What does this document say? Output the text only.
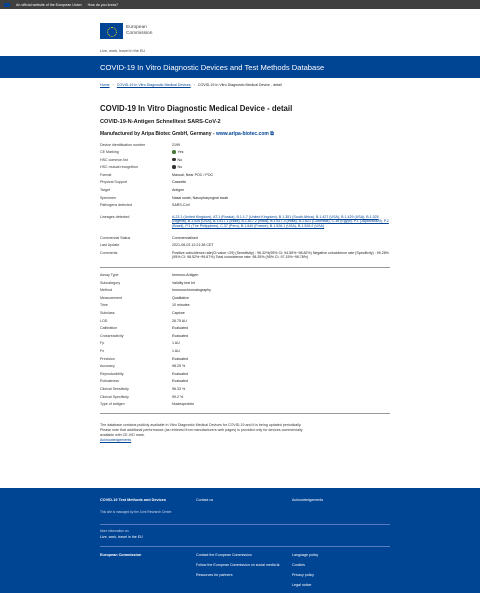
An official website of the European Union How do you know?
European
Commission
Live, work, travel in the EU
COVID-19 In Vitro Diagnostic Devices and Test Methods Database
Home › COVID-19 In Vitro Diagnostic Medical Devices › COVID-19 In Vitro Diagnostic Medical Device - detail
COVID-19 In Vitro Diagnostic Medical Device - detail
COVID-19-N-Antigen Schnelltest SARS-CoV-2
Manufactured by Aripa Biotec GmbH, Germany - www.aripa-biotec.com ⧉
Device identification number	2199
CE Marking	Yes
HSC common list	No
HSC mutual recognition	No
Format	Manual, Near POC / POC
Physical Support	Cassette
Target	Antigen
Specimen	Nasal swab, Nasopharyngeal swab
Pathogens detected	SARS-CoV
Lineages detected	A.23.1 (United Kingdom), AT.1 (Russia), B.1.1.7 (United Kingdom), B.1.351 (South Africa), B.1.427 (USA), B.1.429 (USA), B.1.525 (Nigeria), B.1.526 (USA), B.1.617.1 (India), B.1.617.2 (India), B.1.617.3 (India), B.1.621 (Colombia), C.36 (Egypt), P.1 (Japan/Brazil), P.2 (Brazil), P.3 (The Philippines), C.37 (Peru), B.1.640 (France), B.1.526.1 (USA), B.1.526.2 (USA)
Commercial Status	Commercialised
Last Update	2021-06-03 12:21:38 CET
Comments	Positive coincidence rate(Ct value <29) (Sensitivity) : 96.32%(95% CI: 94.55%~98.82%) Negative coincidence rate (Specificity) : 99.28%(95% CI: 98.52%~99.67%) Total coincidence rate: 98.35% (95% CI: 97.15%~98.78%)
Assay Type	Immuno-Antigen
Subcategory	Validity test kit
Method	Immunochromatography
Measurement	Qualitative
Time	10 minutes
Subclass	Capture
LOD	26.75 AU
Calibration	Evaluated
Crossreactivity	Evaluated
Fp	1 AU
Fn	1 AU
Precision	Evaluated
Accuracy	98.25 %
Reproducibility	Evaluated
Robustness	Evaluated
Clinical Sensitivity	96.33 %
Clinical Specificity	99.2 %
Type of antigen	Nucleoprotein
The database contains publicly available In Vitro Diagnostic Medical Devices for COVID-19 and it is being updated periodically. Please note that additional performance (as retrieved from manufacturers web pages) is provided only for devices commercially available with CE-IVD mark.
Acknowledgements
COVID-19 Test Methods and Devices	Contact us	Acknowledgements
This site is managed by the Joint Research Centre
More information on:
Live, work, travel in the EU
European Commission	Contact the European Commission
Follow the European Commission on social media ⧉
Resources for partners
Language policy
Cookies
Privacy policy
Legal notice
